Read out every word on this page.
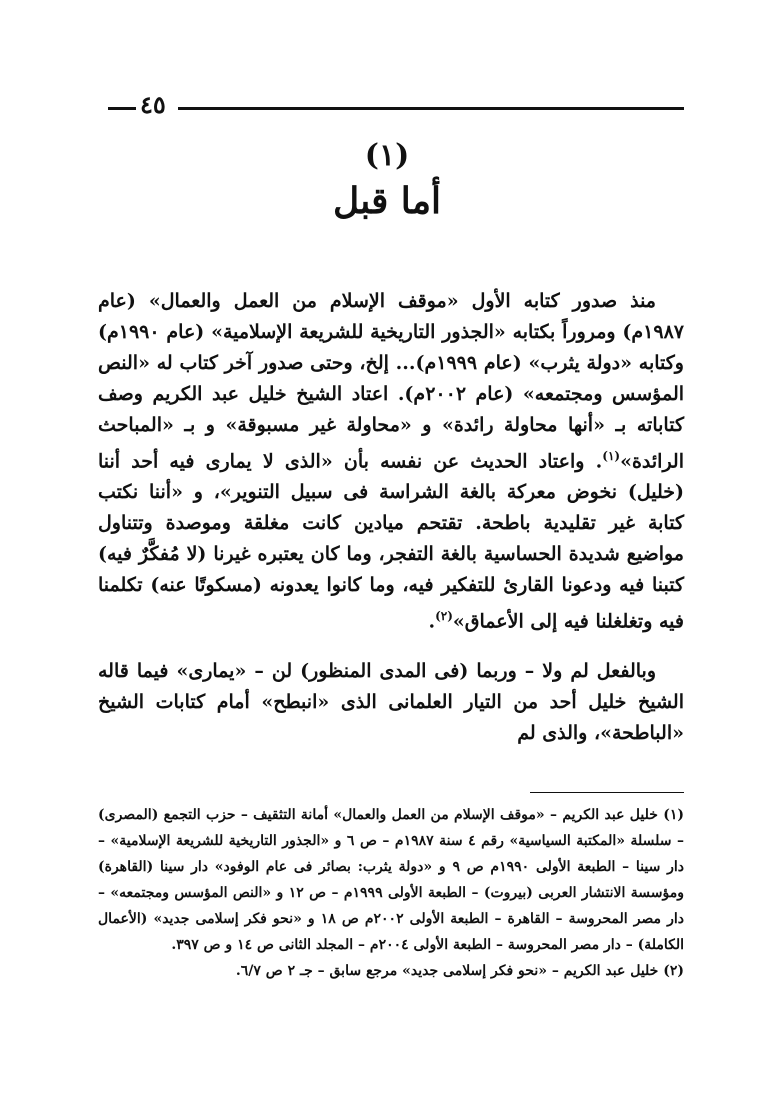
٤٥
(١)
أما قبل

منذ صدور كتابه الأول «موقف الإسلام من العمل والعمال» (عام ١٩٨٧م) ومروراً بكتابه «الجذور التاريخية للشريعة الإسلامية» (عام ١٩٩٠م) وكتابه «دولة يثرب» (عام ١٩٩٩م)... إلخ، وحتى صدور آخر كتاب له «النص المؤسس ومجتمعه» (عام ٢٠٠٢م). اعتاد الشيخ خليل عبد الكريم وصف كتاباته بـ «أنها محاولة رائدة» و «محاولة غير مسبوقة» و بـ «المباحث الرائدة»$^{(١)}$. واعتاد الحديث عن نفسه بأن «الذى لا يمارى فيه أحد أننا (خليل) نخوض معركة بالغة الشراسة فى سبيل التنوير»، و «أننا نكتب كتابة غير تقليدية باطحة. تقتحم ميادين كانت مغلقة وموصدة وتتناول مواضيع شديدة الحساسية بالغة التفجر، وما كان يعتبره غيرنا (لا مُفكَّرٌ فيه) كتبنا فيه ودعونا القارئ للتفكير فيه، وما كانوا يعدونه (مسكوتًا عنه) تكلمنا فيه وتغلغلنا فيه إلى الأعماق»$^{(٢)}$.

وبالفعل لم ولا – وربما (فى المدى المنظور) لن – «يمارى» فيما قاله الشيخ خليل أحد من التيار العلمانى الذى «انبطح» أمام كتابات الشيخ «الباطحة»، والذى لم

(١) خليل عبد الكريم – «موقف الإسلام من العمل والعمال» أمانة التثقيف – حزب التجمع (المصرى) – سلسلة «المكتبة السياسية» رقم ٤ سنة ١٩٨٧م – ص ٦ و «الجذور التاريخية للشريعة الإسلامية» – دار سينا – الطبعة الأولى ١٩٩٠م ص ٩ و «دولة يثرب: بصائر فى عام الوفود» دار سينا (القاهرة) ومؤسسة الانتشار العربى (بيروت) – الطبعة الأولى ١٩٩٩م – ص ١٢ و «النص المؤسس ومجتمعه» – دار مصر المحروسة – القاهرة – الطبعة الأولى ٢٠٠٢م ص ١٨ و «نحو فكر إسلامى جديد» (الأعمال الكاملة) – دار مصر المحروسة – الطبعة الأولى ٢٠٠٤م – المجلد الثانى ص ١٤ و ص ٣٩٧.

(٢) خليل عبد الكريم – «نحو فكر إسلامى جديد» مرجع سابق – جـ ٢ ص ٦/٧.
